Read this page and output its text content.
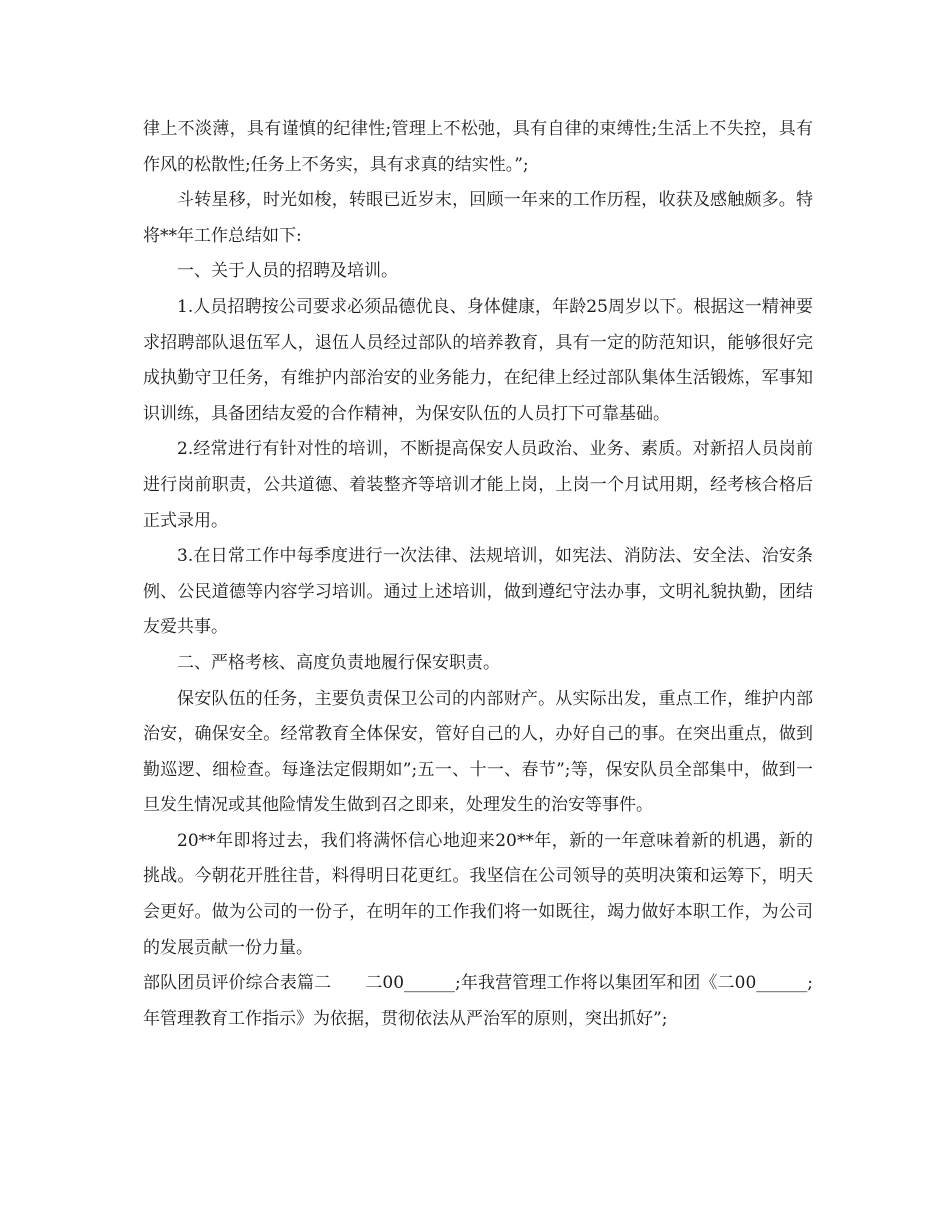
律上不淡薄，具有谨慎的纪律性;管理上不松弛，具有自律的束缚性;生活上不失控，具有作风的松散性;任务上不务实，具有求真的结实性。”;

斗转星移，时光如梭，转眼已近岁末，回顾一年来的工作历程，收获及感触颇多。特将**年工作总结如下:

一、关于人员的招聘及培训。

1.人员招聘按公司要求必须品德优良、身体健康，年龄25周岁以下。根据这一精神要求招聘部队退伍军人，退伍人员经过部队的培养教育，具有一定的防范知识，能够很好完成执勤守卫任务，有维护内部治安的业务能力，在纪律上经过部队集体生活锻炼，军事知识训练，具备团结友爱的合作精神，为保安队伍的人员打下可靠基础。

2.经常进行有针对性的培训，不断提高保安人员政治、业务、素质。对新招人员岗前进行岗前职责，公共道德、着装整齐等培训才能上岗，上岗一个月试用期，经考核合格后正式录用。

3.在日常工作中每季度进行一次法律、法规培训，如宪法、消防法、安全法、治安条例、公民道德等内容学习培训。通过上述培训，做到遵纪守法办事，文明礼貌执勤，团结友爱共事。

二、严格考核、高度负责地履行保安职责。

保安队伍的任务，主要负责保卫公司的内部财产。从实际出发，重点工作，维护内部治安，确保安全。经常教育全体保安，管好自己的人，办好自己的事。在突出重点，做到勤巡逻、细检查。每逢法定假期如”;五一、十一、春节”;等，保安队员全部集中，做到一旦发生情况或其他险情发生做到召之即来，处理发生的治安等事件。

20**年即将过去，我们将满怀信心地迎来20**年，新的一年意味着新的机遇，新的挑战。今朝花开胜往昔，料得明日花更红。我坚信在公司领导的英明决策和运筹下，明天会更好。做为公司的一份子，在明年的工作我们将一如既往，竭力做好本职工作，为公司的发展贡献一份力量。

部队团员评价综合表篇二 二00______;年我营管理工作将以集团军和团《二00______;年管理教育工作指示》为依据，贯彻依法从严治军的原则，突出抓好”;
